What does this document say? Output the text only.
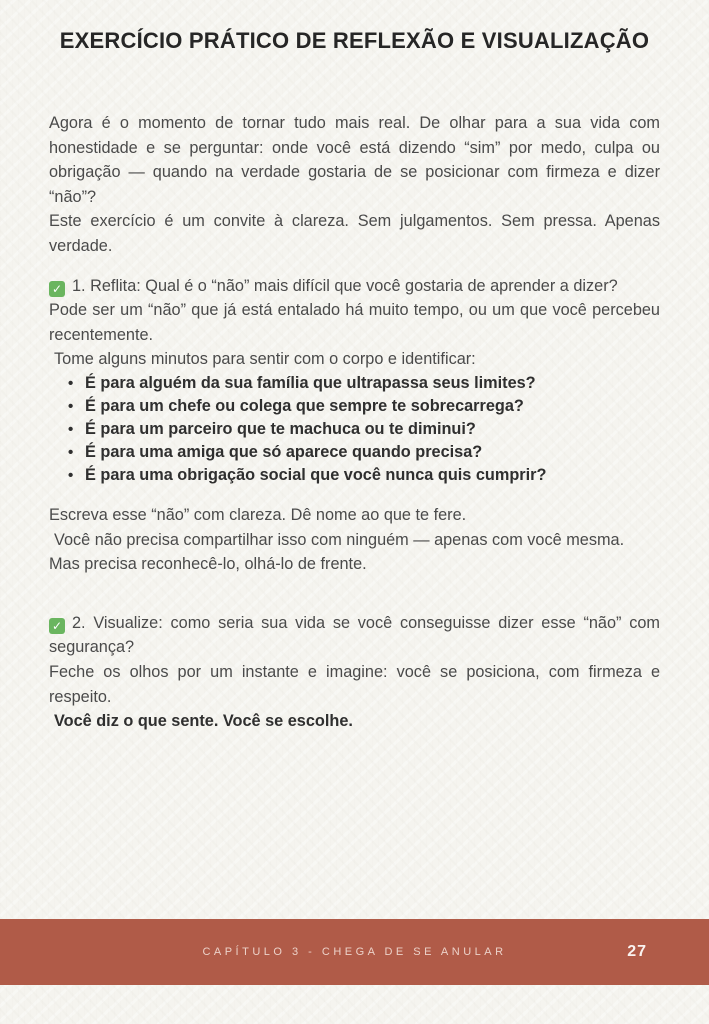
EXERCÍCIO PRÁTICO DE REFLEXÃO E VISUALIZAÇÃO

Agora é o momento de tornar tudo mais real. De olhar para a sua vida com honestidade e se perguntar: onde você está dizendo “sim” por medo, culpa ou obrigação — quando na verdade gostaria de se posicionar com firmeza e dizer “não”?

Este exercício é um convite à clareza. Sem julgamentos. Sem pressa. Apenas verdade.

✓ 1. Reflita: Qual é o “não” mais difícil que você gostaria de aprender a dizer?

Pode ser um “não” que já está entalado há muito tempo, ou um que você percebeu recentemente.

Tome alguns minutos para sentir com o corpo e identificar:

• É para alguém da sua família que ultrapassa seus limites?
• É para um chefe ou colega que sempre te sobrecarrega?
• É para um parceiro que te machuca ou te diminui?
• É para uma amiga que só aparece quando precisa?
• É para uma obrigação social que você nunca quis cumprir?

Escreva esse “não” com clareza. Dê nome ao que te fere.

Você não precisa compartilhar isso com ninguém — apenas com você mesma.

Mas precisa reconhecê-lo, olhá-lo de frente.

✓ 2. Visualize: como seria sua vida se você conseguisse dizer esse “não” com segurança?

Feche os olhos por um instante e imagine: você se posiciona, com firmeza e respeito.

Você diz o que sente. Você se escolhe.

CAPÍTULO 3 - CHEGA DE SE ANULAR	27
